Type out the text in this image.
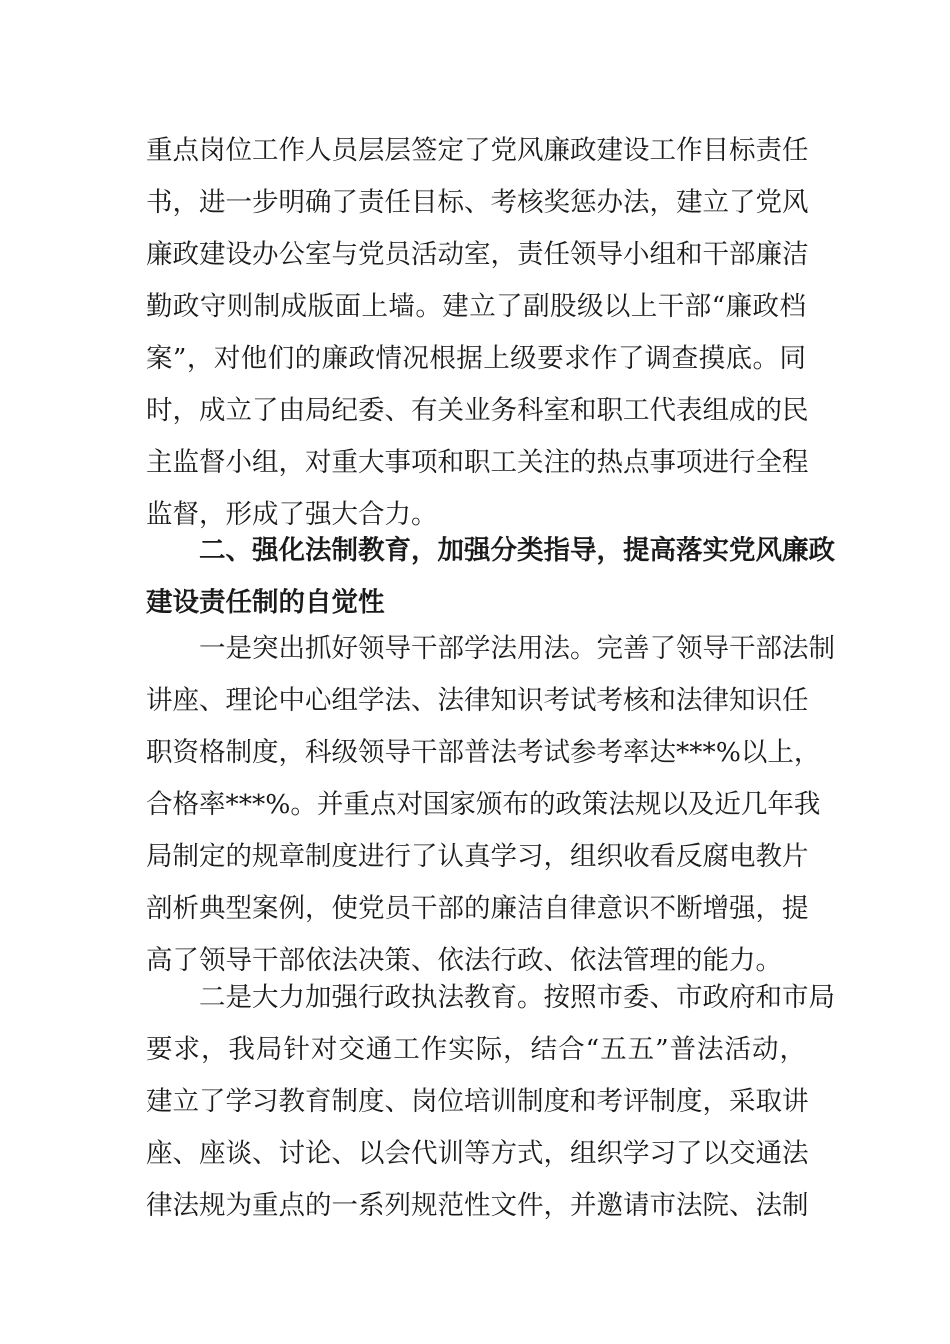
重点岗位工作人员层层签定了党风廉政建设工作目标责任
书，进一步明确了责任目标、考核奖惩办法，建立了党风
廉政建设办公室与党员活动室，责任领导小组和干部廉洁
勤政守则制成版面上墙。建立了副股级以上干部“廉政档
案”，对他们的廉政情况根据上级要求作了调查摸底。同
时，成立了由局纪委、有关业务科室和职工代表组成的民
主监督小组，对重大事项和职工关注的热点事项进行全程
监督，形成了强大合力。
二、强化法制教育，加强分类指导，提高落实党风廉政
建设责任制的自觉性
一是突出抓好领导干部学法用法。完善了领导干部法制
讲座、理论中心组学法、法律知识考试考核和法律知识任
职资格制度，科级领导干部普法考试参考率达***%以上，
合格率***%。并重点对国家颁布的政策法规以及近几年我
局制定的规章制度进行了认真学习，组织收看反腐电教片
剖析典型案例，使党员干部的廉洁自律意识不断增强，提
高了领导干部依法决策、依法行政、依法管理的能力。
二是大力加强行政执法教育。按照市委、市政府和市局
要求，我局针对交通工作实际，结合“五五”普法活动，
建立了学习教育制度、岗位培训制度和考评制度，采取讲
座、座谈、讨论、以会代训等方式，组织学习了以交通法
律法规为重点的一系列规范性文件，并邀请市法院、法制
